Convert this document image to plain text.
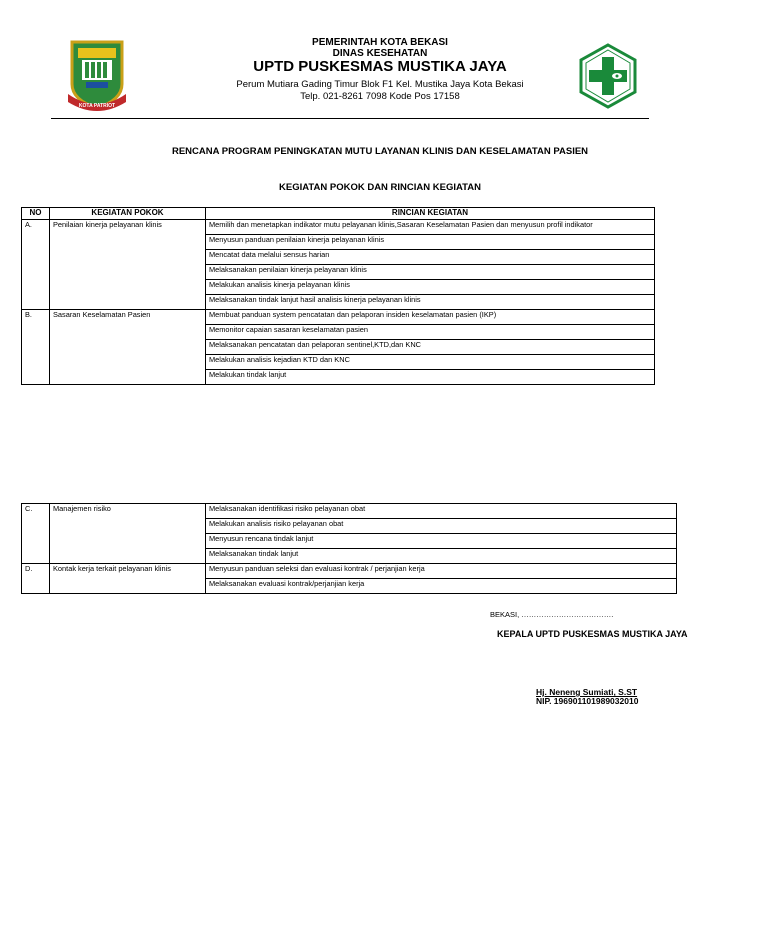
KOTA PATRIOT
PEMERINTAH KOTA BEKASI
DINAS KESEHATAN
UPTD PUSKESMAS MUSTIKA JAYA
Perum Mutiara Gading Timur Blok F1 Kel. Mustika Jaya Kota Bekasi
Telp. 021-8261 7098 Kode Pos 17158
RENCANA PROGRAM PENINGKATAN MUTU LAYANAN KLINIS DAN KESELAMATAN PASIEN
KEGIATAN POKOK DAN RINCIAN KEGIATAN
NO	KEGIATAN POKOK	RINCIAN KEGIATAN
A.	Penilaian kinerja pelayanan klinis	Memilih dan menetapkan indikator mutu pelayanan klinis,Sasaran Keselamatan Pasien dan menyusun profil indikator
		Menyusun panduan penilaian kinerja pelayanan klinis
		Mencatat data melalui sensus harian
		Melaksanakan penilaian kinerja pelayanan klinis
		Melakukan analisis kinerja pelayanan klinis
		Melaksanakan tindak lanjut hasil analisis kinerja pelayanan klinis
B.	Sasaran Keselamatan Pasien	Membuat panduan system pencatatan dan pelaporan insiden keselamatan pasien (IKP)
		Memonitor capaian sasaran keselamatan pasien
		Melaksanakan pencatatan dan pelaporan sentinel,KTD,dan KNC
		Melakukan analisis kejadian KTD dan KNC
		Melakukan tindak lanjut
C.	Manajemen risiko	Melaksanakan identifikasi risiko pelayanan obat
		Melakukan analisis risiko pelayanan obat
		Menyusun rencana tindak lanjut
		Melaksanakan tindak lanjut
D.	Kontak kerja terkait pelayanan klinis	Menyusun panduan seleksi dan evaluasi kontrak / perjanjian kerja
		Melaksanakan evaluasi kontrak/perjanjian kerja
BEKASI, ……………………………….
KEPALA UPTD PUSKESMAS MUSTIKA JAYA
Hj. Neneng Sumiati, S.ST
NIP. 196901101989032010
